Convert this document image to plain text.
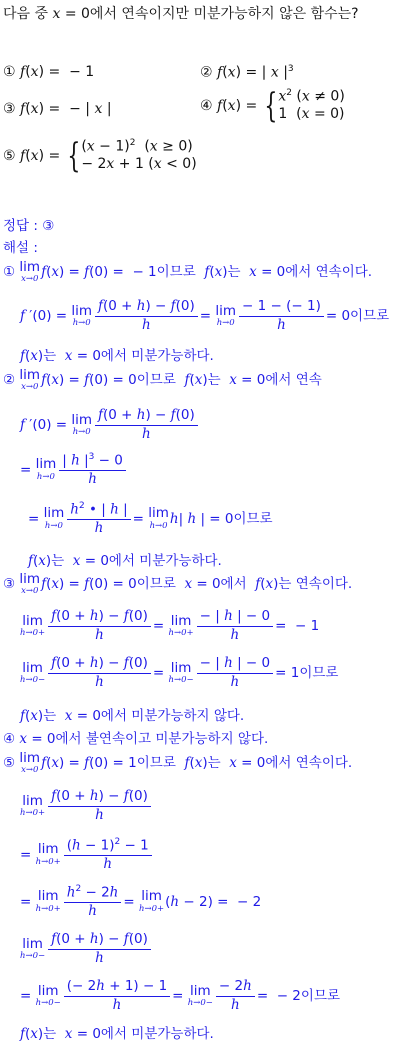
다음 중 x = 0에서 연속이지만 미분가능하지 않은 함수는?
① f(x) =  − 1	② f(x) = | x $|^3$
③ f(x) =  − | x |	④ f(x) = { $x^2$ (x ≠ 0)
1  (x = 0)
⑤ f(x) = { $(x - 1)^2$  (x ≥ 0)
− 2x + 1 (x < 0)
정답 : ③
해설 :
① lim
x→0 f(x) = f(0) =  − 1이므로  f(x)는  x = 0에서 연속이다.
f ′(0) = lim
$h\to 0 \frac{f(0 + h) - f(0)}{h} = \lim$
$h\to 0 \frac{- 1 - (- 1)}{h} = 0$이므로
f(x)는  x = 0에서 미분가능하다.
② lim
x→0 f(x) = f(0) = 0이므로  f(x)는  x = 0에서 연속
f ′(0) = lim
$h\to 0 \frac{f(0 + h) - f(0)}{h}$
= lim
$h\to 0 \frac{| h |^3 - 0}{h}$
= lim
$h\to 0 \frac{h^2 • | h |}{h} = \lim$
h→0 h| h | = 0이므로
f(x)는  x = 0에서 미분가능하다.
③ lim
x→0 f(x) = f(0) = 0이므로  x = 0에서  f(x)는 연속이다.
lim
$h\to 0+ \frac{f(0 + h) - f(0)}{h} = \lim$
$h\to 0+ \frac{- | h | - 0}{h}$ =  − 1
lim
$h\to 0- \frac{f(0 + h) - f(0)}{h} = \lim$
$h\to 0- \frac{- | h | - 0}{h} = 1$이므로
f(x)는  x = 0에서 미분가능하지 않다.
④ x = 0에서 불연속이고 미분가능하지 않다.
⑤ lim
x→0 f(x) = f(0) = 1이므로  f(x)는  x = 0에서 연속이다.
lim
$h\to 0+ \frac{f(0 + h) - f(0)}{h}$
= lim
$h\to 0+ \frac{(h - 1)^2 - 1}{h}$
= lim
$h\to 0+ \frac{h^2 - 2h}{h} = \lim$
h→0+ (h − 2) =  − 2
lim
$h\to 0- \frac{f(0 + h) - f(0)}{h}$
= lim
$h\to 0- \frac{(- 2h + 1) - 1}{h} = \lim$
$h\to 0- \frac{- 2h}{h}$ =  − 2이므로
f(x)는  x = 0에서 미분가능하다.
